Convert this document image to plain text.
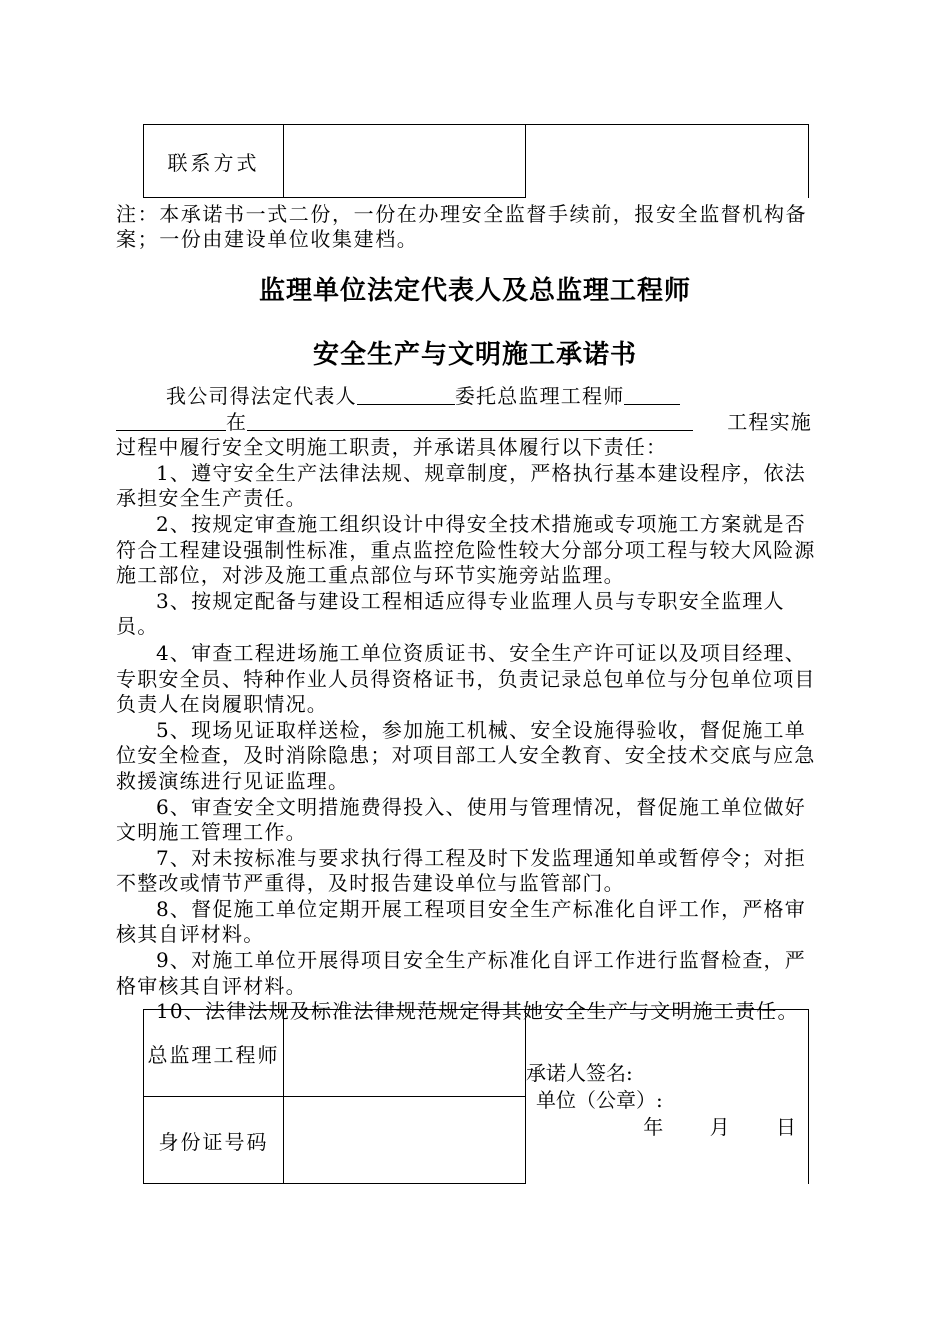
联系方式		
注：本承诺书一式二份，一份在办理安全监督手续前，报安全监督机构备案；一份由建设单位收集建档。
监理单位法定代表人及总监理工程师
安全生产与文明施工承诺书
我公司得法定代表人	委托总监理工程师
在	工程实施
过程中履行安全文明施工职责，并承诺具体履行以下责任：

1、遵守安全生产法律法规、规章制度，严格执行基本建设程序，依法承担安全生产责任。

2、按规定审查施工组织设计中得安全技术措施或专项施工方案就是否符合工程建设强制性标准，重点监控危险性较大分部分项工程与较大风险源施工部位，对涉及施工重点部位与环节实施旁站监理。

3、按规定配备与建设工程相适应得专业监理人员与专职安全监理人员。

4、审查工程进场施工单位资质证书、安全生产许可证以及项目经理、专职安全员、特种作业人员得资格证书，负责记录总包单位与分包单位项目负责人在岗履职情况。

5、现场见证取样送检，参加施工机械、安全设施得验收，督促施工单位安全检查，及时消除隐患；对项目部工人安全教育、安全技术交底与应急救援演练进行见证监理。

6、审查安全文明措施费得投入、使用与管理情况，督促施工单位做好文明施工管理工作。

7、对未按标准与要求执行得工程及时下发监理通知单或暂停令；对拒不整改或情节严重得，及时报告建设单位与监管部门。

8、督促施工单位定期开展工程项目安全生产标准化自评工作，严格审核其自评材料。

9、对施工单位开展得项目安全生产标准化自评工作进行监督检查，严格审核其自评材料。

10、法律法规及标准法律规范规定得其她安全生产与文明施工责任。

总监理工程师		承诺人签名:
单位（公章）:
年 月 日

身份证号码		
